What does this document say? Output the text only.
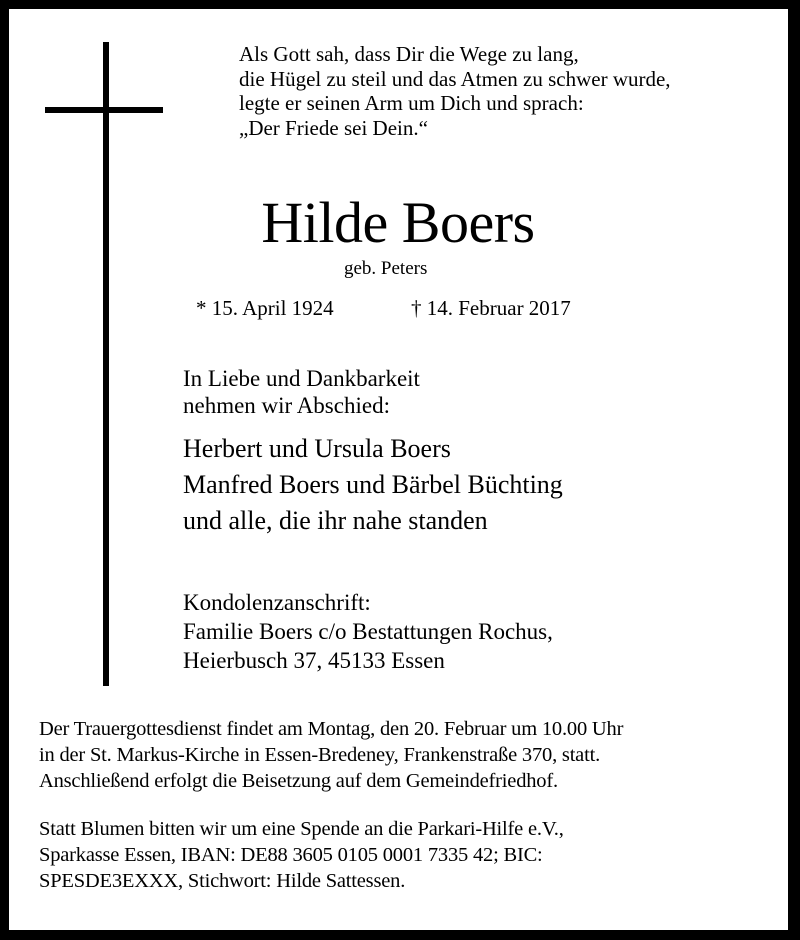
Als Gott sah, dass Dir die Wege zu lang,
die Hügel zu steil und das Atmen zu schwer wurde,
legte er seinen Arm um Dich und sprach:
„Der Friede sei Dein.“
Hilde Boers
geb. Peters
* 15. April 1924	† 14. Februar 2017
In Liebe und Dankbarkeit
nehmen wir Abschied:
Herbert und Ursula Boers
Manfred Boers und Bärbel Büchting
und alle, die ihr nahe standen
Kondolenzanschrift:
Familie Boers c/o Bestattungen Rochus,
Heierbusch 37, 45133 Essen
Der Trauergottesdienst findet am Montag, den 20. Februar um 10.00 Uhr
in der St. Markus-Kirche in Essen-Bredeney, Frankenstraße 370, statt.
Anschließend erfolgt die Beisetzung auf dem Gemeindefriedhof.
Statt Blumen bitten wir um eine Spende an die Parkari-Hilfe e.V.,
Sparkasse Essen, IBAN: DE88 3605 0105 0001 7335 42; BIC:
SPESDE3EXXX, Stichwort: Hilde Sattessen.
